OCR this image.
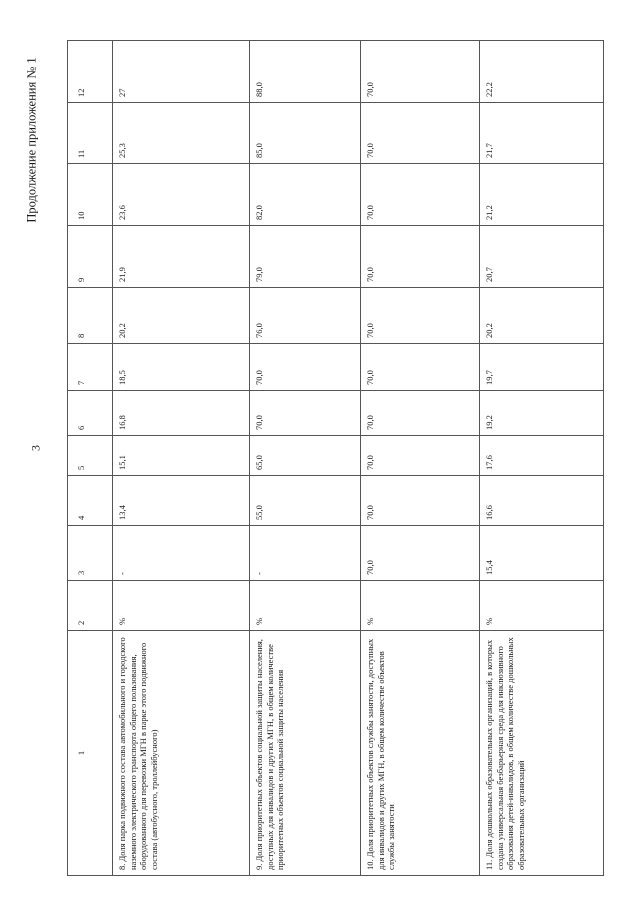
3
Продолжение приложения № 1
1	2	3	4	5	6	7	8	9	10	11	12
8. Доля парка подвижного состава автомобильного и городского наземного электрического транспорта общего пользования, оборудованного для перевозки МГН в парке этого подвижного состава (автобусного, троллейбусного)	%	-	13,4	15,1	16,8	18,5	20,2	21,9	23,6	25,3	27
9. Доля приоритетных объектов социальной защиты населения, доступных для инвалидов и других МГН, в общем количестве приоритетных объектов социальной защиты населения	%	-	55,0	65,0	70,0	70,0	76,0	79,0	82,0	85,0	88,0
10. Доля приоритетных объектов службы занятости, доступных для инвалидов и других МГН, в общем количестве объектов службы занятости	%	70,0	70,0	70,0	70,0	70,0	70,0	70,0	70,0	70,0	70,0
11. Доля дошкольных образовательных организаций, в которых создана универсальная безбарьерная среда для инклюзивного образования детей-инвалидов, в общем количестве дошкольных образовательных организаций	%	15,4	16,6	17,6	19,2	19,7	20,2	20,7	21,2	21,7	22,2
